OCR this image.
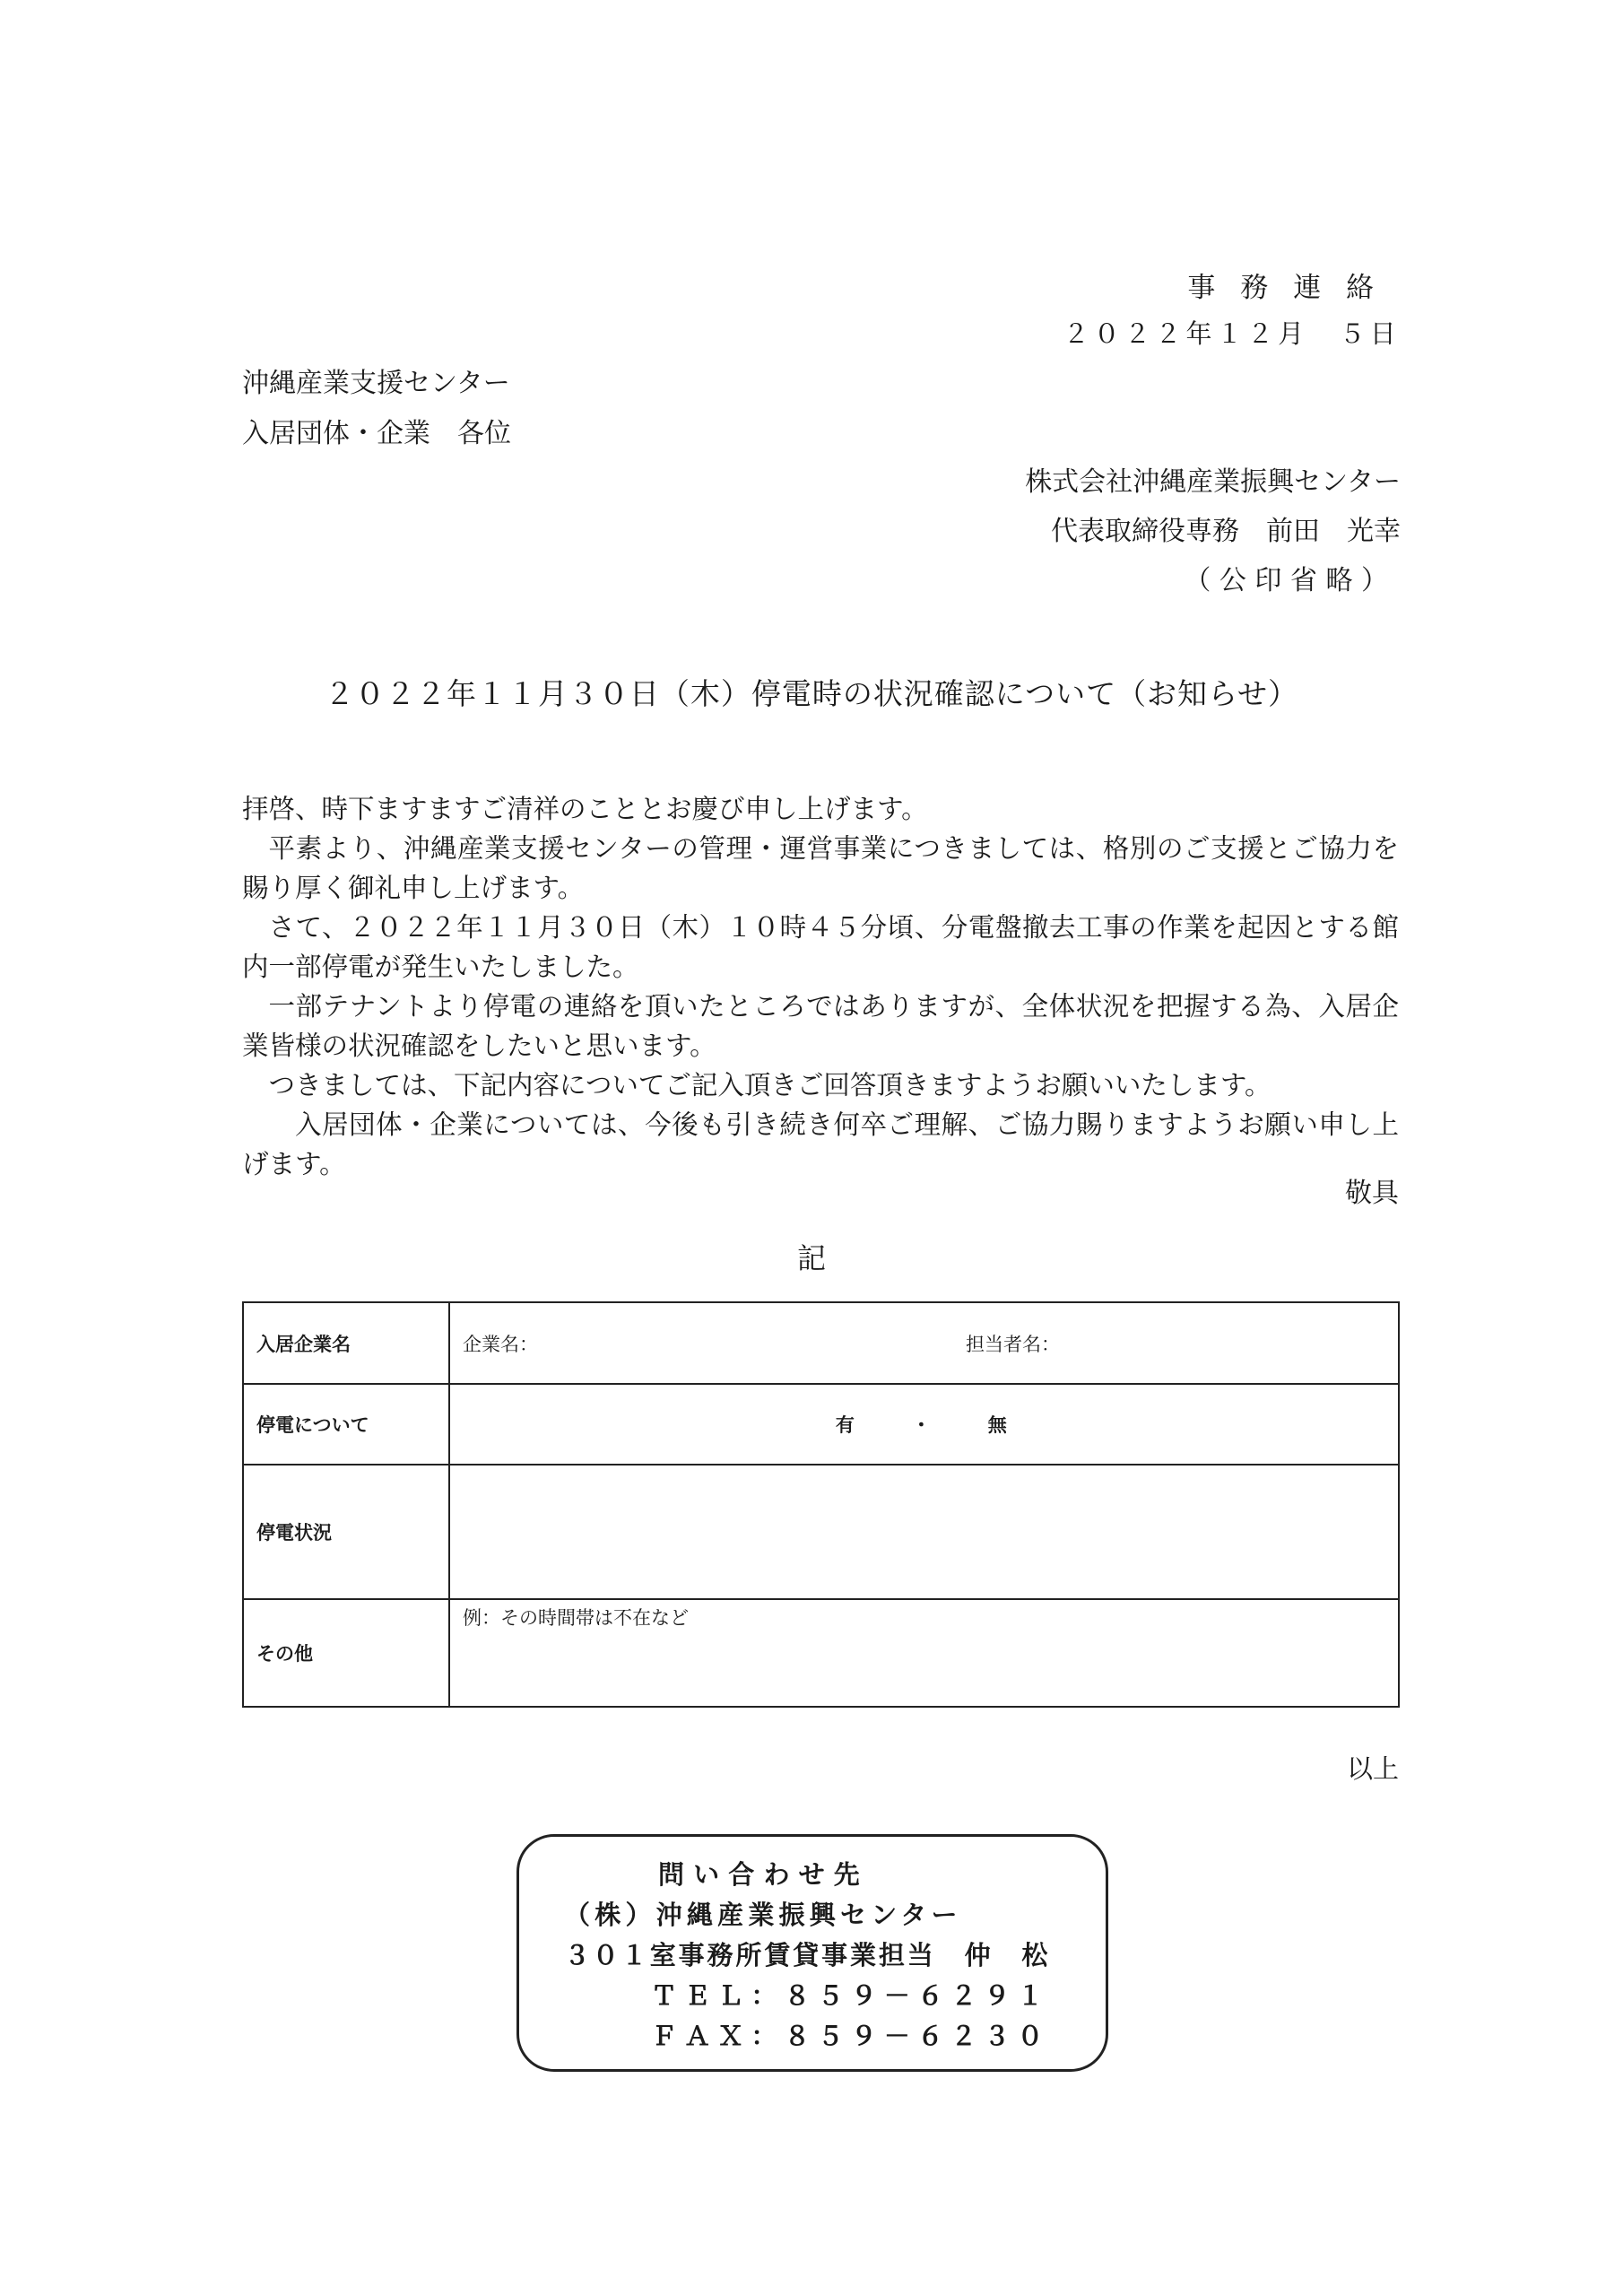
事務連絡
２０２２年１２月　５日
沖縄産業支援センター
入居団体・企業　各位
株式会社沖縄産業振興センター
代表取締役専務　前田　光幸
（ 公 印 省 略 ）
２０２２年１１月３０日（木）停電時の状況確認について（お知らせ）

拝啓、時下ますますご清祥のこととお慶び申し上げます。

平素より、沖縄産業支援センターの管理・運営事業につきましては、格別のご支援とご協力を賜り厚く御礼申し上げます。

さて、２０２２年１１月３０日（木）１０時４５分頃、分電盤撤去工事の作業を起因とする館内一部停電が発生いたしました。

一部テナントより停電の連絡を頂いたところではありますが、全体状況を把握する為、入居企業皆様の状況確認をしたいと思います。

つきましては、下記内容についてご記入頂きご回答頂きますようお願いいたします。

入居団体・企業については、今後も引き続き何卒ご理解、ご協力賜りますようお願い申し上げます。

敬具
記
入居企業名	企業名： 担当者名：

停電について	有 ・ 無
停電状況	
その他	例：その時間帯は不在など
以上
問い合わせ先
（株）沖縄産業振興センター
３０１室事務所賃貸事業担当　仲　松
ＴＥＬ：８５９－６２９１
ＦＡＸ：８５９－６２３０
